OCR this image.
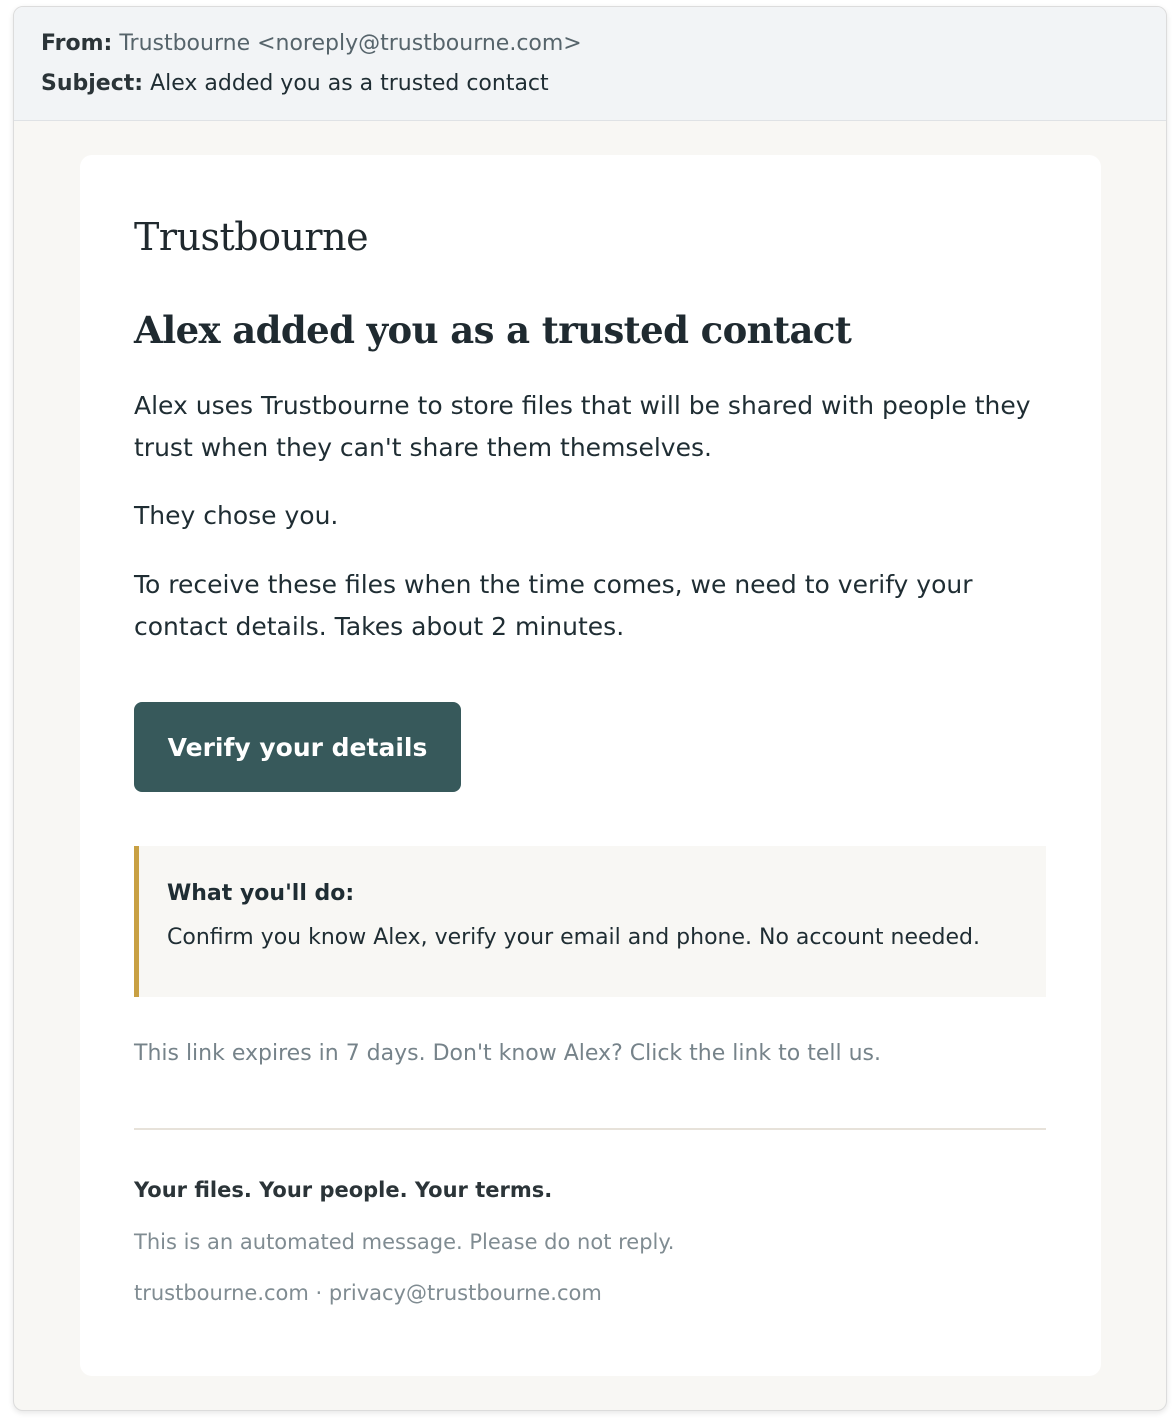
From: Trustbourne <noreply@trustbourne.com>
Subject: Alex added you as a trusted contact
Trustbourne
Alex added you as a trusted contact

Alex uses Trustbourne to store files that will be shared with people they trust when they can't share them themselves.

They chose you.

To receive these files when the time comes, we need to verify your contact details. Takes about 2 minutes.

Verify your details

What you'll do:

Confirm you know Alex, verify your email and phone. No account needed.

This link expires in 7 days. Don't know Alex? Click the link to tell us.

Your files. Your people. Your terms.

This is an automated message. Please do not reply.

trustbourne.com · privacy@trustbourne.com
